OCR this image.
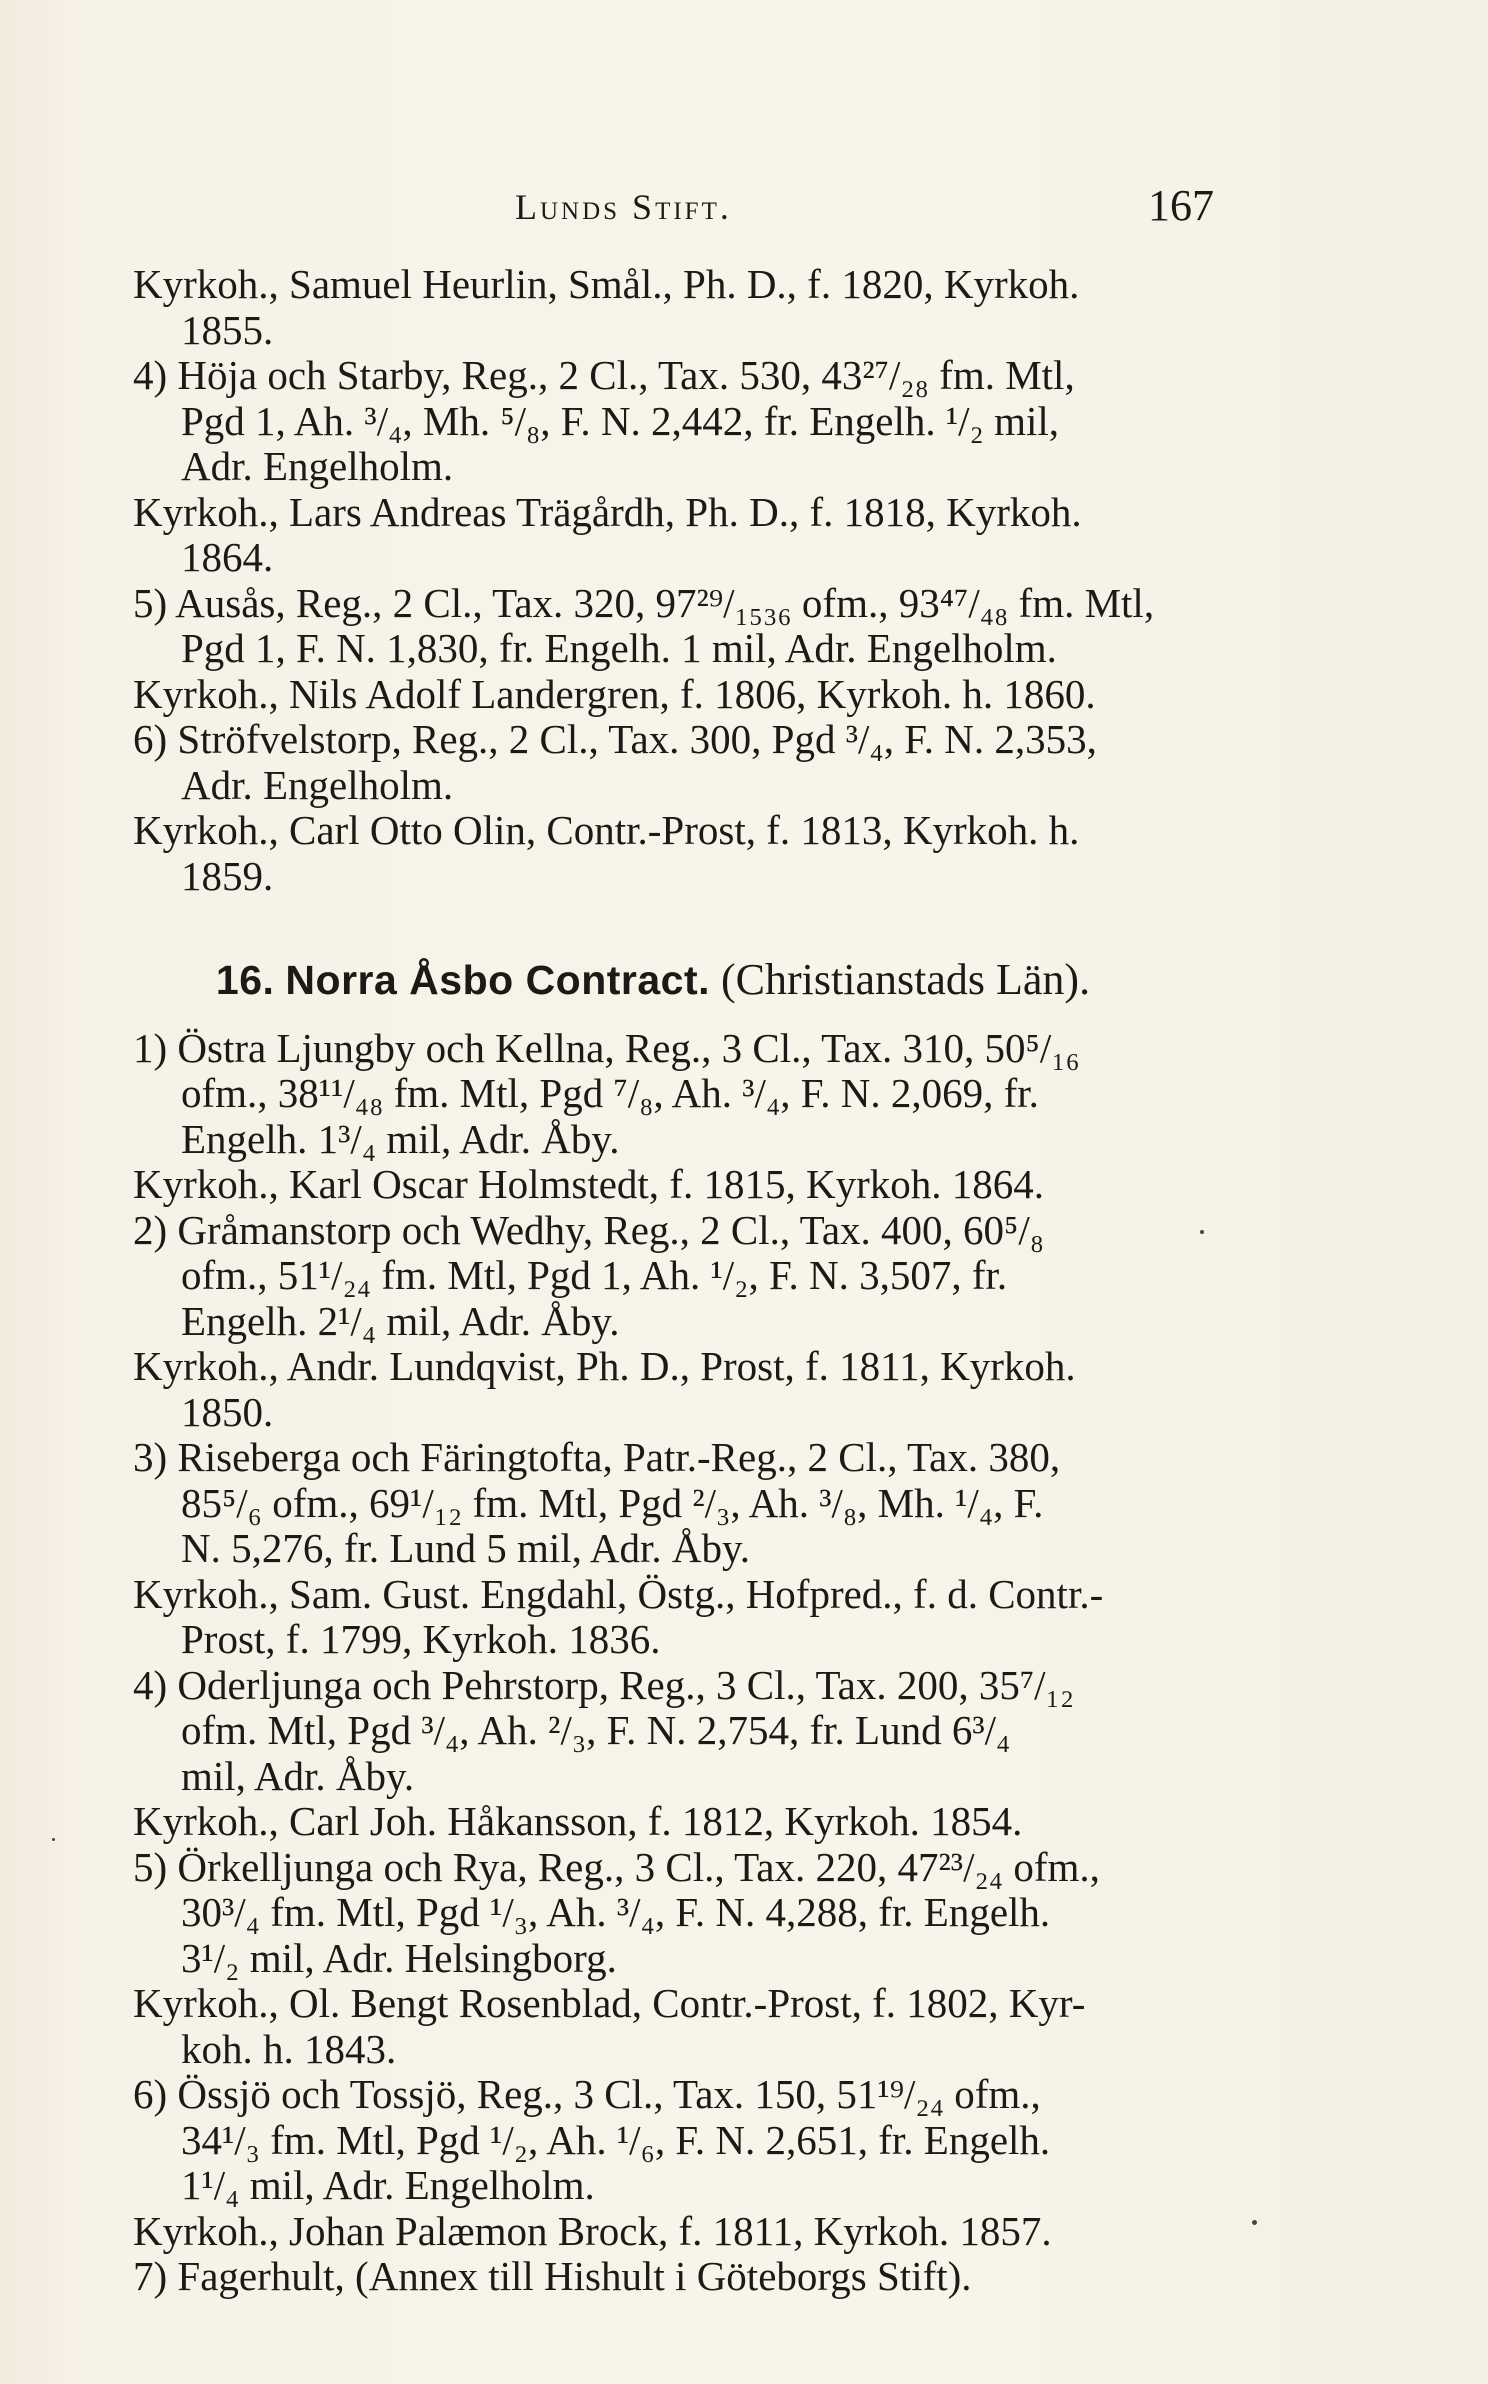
Lunds Stift.	167
Kyrkoh., Samuel Heurlin, Smål., Ph. D., f. 1820, Kyrkoh.
1855.
4) Höja och Starby, Reg., 2 Cl., Tax. 530, 43²⁷/₂₈ fm. Mtl,
Pgd 1, Ah. ³/₄, Mh. ⁵/₈, F. N. 2,442, fr. Engelh. ¹/₂ mil,
Adr. Engelholm.
Kyrkoh., Lars Andreas Trägårdh, Ph. D., f. 1818, Kyrkoh.
1864.
5) Ausås, Reg., 2 Cl., Tax. 320, 97²⁹/₁₅₃₆ ofm., 93⁴⁷/₄₈ fm. Mtl,
Pgd 1, F. N. 1,830, fr. Engelh. 1 mil, Adr. Engelholm.
Kyrkoh., Nils Adolf Landergren, f. 1806, Kyrkoh. h. 1860.
6) Ströfvelstorp, Reg., 2 Cl., Tax. 300, Pgd ³/₄, F. N. 2,353,
Adr. Engelholm.
Kyrkoh., Carl Otto Olin, Contr.-Prost, f. 1813, Kyrkoh. h.
1859.
16. Norra Åsbo Contract. (Christianstads Län).
1) Östra Ljungby och Kellna, Reg., 3 Cl., Tax. 310, 50⁵/₁₆
ofm., 38¹¹/₄₈ fm. Mtl, Pgd ⁷/₈, Ah. ³/₄, F. N. 2,069, fr.
Engelh. 1³/₄ mil, Adr. Åby.
Kyrkoh., Karl Oscar Holmstedt, f. 1815, Kyrkoh. 1864.
2) Gråmanstorp och Wedhy, Reg., 2 Cl., Tax. 400, 60⁵/₈
ofm., 51¹/₂₄ fm. Mtl, Pgd 1, Ah. ¹/₂, F. N. 3,507, fr.
Engelh. 2¹/₄ mil, Adr. Åby.
Kyrkoh., Andr. Lundqvist, Ph. D., Prost, f. 1811, Kyrkoh.
1850.
3) Riseberga och Färingtofta, Patr.-Reg., 2 Cl., Tax. 380,
85⁵/₆ ofm., 69¹/₁₂ fm. Mtl, Pgd ²/₃, Ah. ³/₈, Mh. ¹/₄, F.
N. 5,276, fr. Lund 5 mil, Adr. Åby.
Kyrkoh., Sam. Gust. Engdahl, Östg., Hofpred., f. d. Contr.-
Prost, f. 1799, Kyrkoh. 1836.
4) Oderljunga och Pehrstorp, Reg., 3 Cl., Tax. 200, 35⁷/₁₂
ofm. Mtl, Pgd ³/₄, Ah. ²/₃, F. N. 2,754, fr. Lund 6³/₄
mil, Adr. Åby.
Kyrkoh., Carl Joh. Håkansson, f. 1812, Kyrkoh. 1854.
5) Örkelljunga och Rya, Reg., 3 Cl., Tax. 220, 47²³/₂₄ ofm.,
30³/₄ fm. Mtl, Pgd ¹/₃, Ah. ³/₄, F. N. 4,288, fr. Engelh.
3¹/₂ mil, Adr. Helsingborg.
Kyrkoh., Ol. Bengt Rosenblad, Contr.-Prost, f. 1802, Kyr-
koh. h. 1843.
6) Össjö och Tossjö, Reg., 3 Cl., Tax. 150, 51¹⁹/₂₄ ofm.,
34¹/₃ fm. Mtl, Pgd ¹/₂, Ah. ¹/₆, F. N. 2,651, fr. Engelh.
1¹/₄ mil, Adr. Engelholm.
Kyrkoh., Johan Palæmon Brock, f. 1811, Kyrkoh. 1857.
7) Fagerhult, (Annex till Hishult i Göteborgs Stift).
